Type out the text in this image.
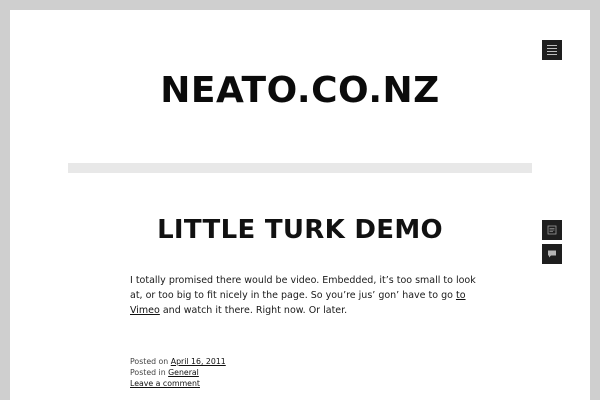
NEATO.CO.NZ
LITTLE TURK DEMO

I totally promised there would be video. Embedded, it’s too small to look at, or too big to fit nicely in the page. So you’re jus’ gon’ have to go to Vimeo and watch it there. Right now. Or later.

Posted on April 16, 2011
Posted in General
Leave a comment
